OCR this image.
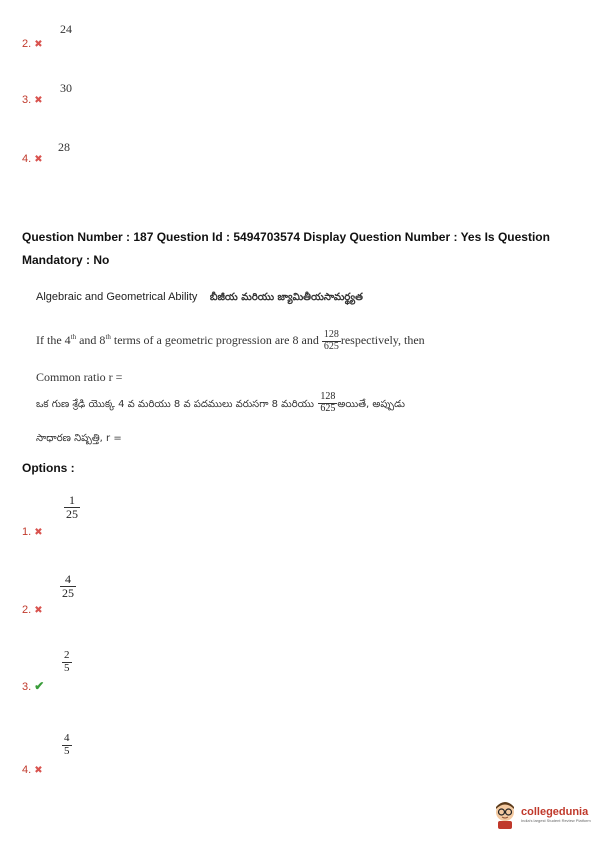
24
2. ✖
30
3. ✖
28
4. ✖
Question Number : 187 Question Id : 5494703574 Display Question Number : Yes Is Question
Mandatory : No
Algebraic and Geometrical Ability బీజీయ మరియు జ్యామితీయసామర్థ్యత
If the 4th and 8th terms of a geometric progression are 8 and $\frac{128}{625}$ respectively, then
Common ratio r =
ఒక గుణ శ్రేఢి యొక్క 4 వ మరియు 8 వ పదములు వరుసగా 8 మరియు $\frac{128}{625}$ అయితే, అప్పుడు
సాధారణ నిష్పత్తి, r =
Options :
$\frac{1}{25}$
1. ✖
$\frac{4}{25}$
2. ✖
$\frac{2}{5}$
3. ✔
$\frac{4}{5}$
4. ✖
collegedunia
India's largest Student Review Platform
